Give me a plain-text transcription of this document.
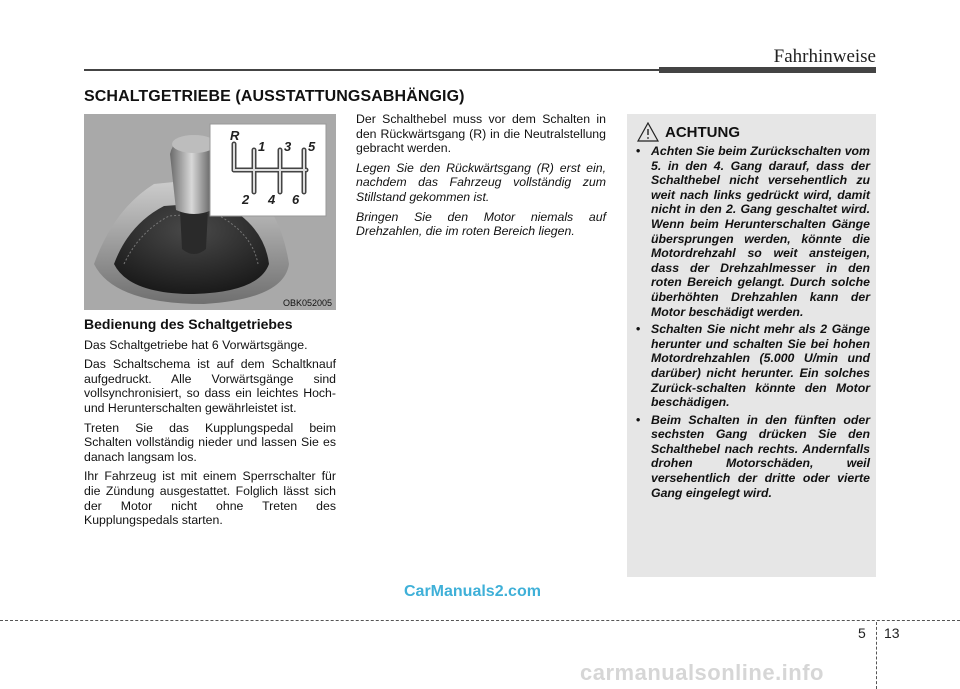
Fahrhinweise
SCHALTGETRIEBE (AUSSTATTUNGSABHÄNGIG)
R
1 3 5
2 4 6
OBK052005
Bedienung des Schaltgetriebes

Das Schaltgetriebe hat 6 Vorwärtsgänge.

Das Schaltschema ist auf dem Schaltknauf aufgedruckt. Alle Vorwärtsgänge sind vollsynchronisiert, so dass ein leichtes Hoch- und Herunterschalten gewährleistet ist.

Treten Sie das Kupplungspedal beim Schalten vollständig nieder und lassen Sie es danach langsam los.

Ihr Fahrzeug ist mit einem Sperrschalter für die Zündung ausgestattet. Folglich lässt sich der Motor nicht ohne Treten des Kupplungspedals starten.

Der Schalthebel muss vor dem Schalten in den Rückwärtsgang (R) in die Neutralstellung gebracht werden.

Legen Sie den Rückwärtsgang (R) erst ein, nachdem das Fahrzeug vollständig zum Stillstand gekommen ist.

Bringen Sie den Motor niemals auf Drehzahlen, die im roten Bereich liegen.

ACHTUNG
• Achten Sie beim Zurückschalten vom 5. in den 4. Gang darauf, dass der Schalthebel nicht versehentlich zu weit nach links gedrückt wird, damit nicht in den 2. Gang geschaltet wird. Wenn beim Herunterschalten Gänge übersprungen werden, könnte die Motordrehzahl so weit ansteigen, dass der Drehzahlmesser in den roten Bereich gelangt. Durch solche überhöhten Drehzahlen kann der Motor beschädigt werden.
• Schalten Sie nicht mehr als 2 Gänge herunter und schalten Sie bei hohen Motordrehzahlen (5.000 U/min und darüber) nicht herunter. Ein solches Zurück-schalten könnte den Motor beschädigen.
• Beim Schalten in den fünften oder sechsten Gang drücken Sie den Schalthebel nach rechts. Andernfalls drohen Motorschäden, weil versehentlich der dritte oder vierte Gang eingelegt wird.
CarManuals2.com
5 13
carmanualsonline.info
